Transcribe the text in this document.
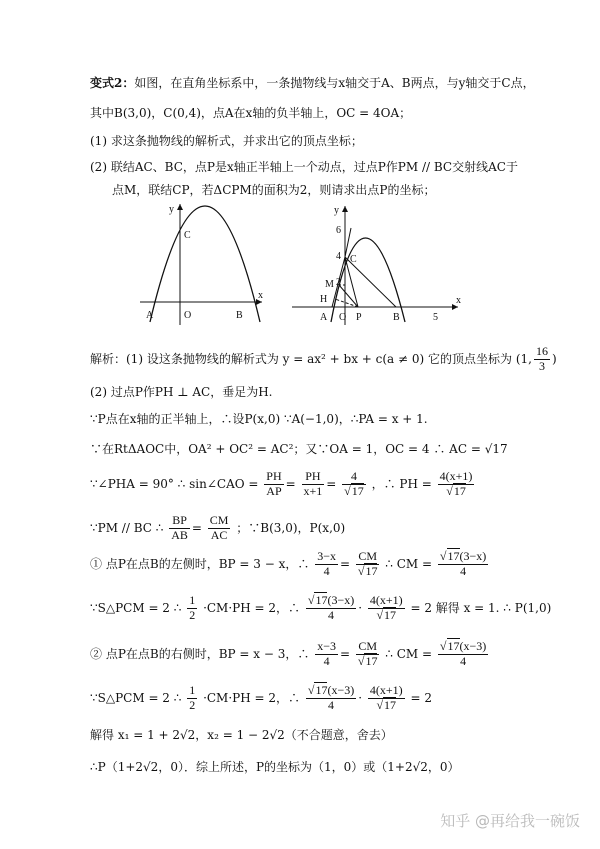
变式2：如图，在直角坐标系中，一条抛物线与x轴交于A、B两点，与y轴交于C点，
其中B(3,0)，C(0,4)，点A在x轴的负半轴上，OC = 4OA；
(1) 求这条抛物线的解析式，并求出它的顶点坐标；
(2) 联结AC、BC，点P是x轴正半轴上一个动点，过点P作PM // BC交射线AC于
点M，联结CP，若ΔCPM的面积为2，则请求出点P的坐标；
y
x
C
A	O	B
y
x
6
4
2
5
C
M
H
A O P	B
解析：(1) 设这条抛物线的解析式为 y = ax² + bx + c(a ≠ 0) 它的顶点坐标为 (1, $\frac{16}{3}$ )
(2) 过点P作PH ⊥ AC，垂足为H.
∵P点在x轴的正半轴上，∴设P(x,0) ∵A(−1,0)，∴PA = x + 1.
∵在RtΔAOC中，OA² + OC² = AC²；又∵OA = 1，OC = 4 ∴ AC = √17
∵∠PHA = 90° ∴ sin∠CAO = $\frac{PH}{AP} = \frac{PH}{x+1} = 4$
√ 17 ，∴ PH = 4(x+1)
√ 17
∵PM // BC ∴ $\frac{BP}{AB} = \frac{CM}{AC}$ ；∵B(3,0)，P(x,0)
① 点P在点B的左侧时，BP = 3 − x，∴ $\frac{3-x}{4}$ = CM
√ 17 ∴ CM = √ $\frac{17(3-x)}{4}$
∵S△PCM = 2 ∴ $\frac{1}{2} \cdot CM\cdot PH = 2$，∴ √ $\frac{17(3-x)}{4} \cdot 4(x+1)$
√ 17 = 2 解得 x = 1. ∴ P(1,0)
② 点P在点B的右侧时，BP = x − 3，∴ $\frac{x-3}{4}$ = CM
√ 17 ∴ CM = √ $\frac{17(x-3)}{4}$
∵S△PCM = 2 ∴ $\frac{1}{2} \cdot CM\cdot PH = 2$，∴ √ $\frac{17(x-3)}{4} \cdot 4(x+1)$
√ 17 = 2
解得 x₁ = 1 + 2√2，x₂ = 1 − 2√2（不合题意，舍去）
∴P（1+2√2，0）．综上所述，P的坐标为（1，0）或（1+2√2，0）
知乎 @再给我一碗饭
